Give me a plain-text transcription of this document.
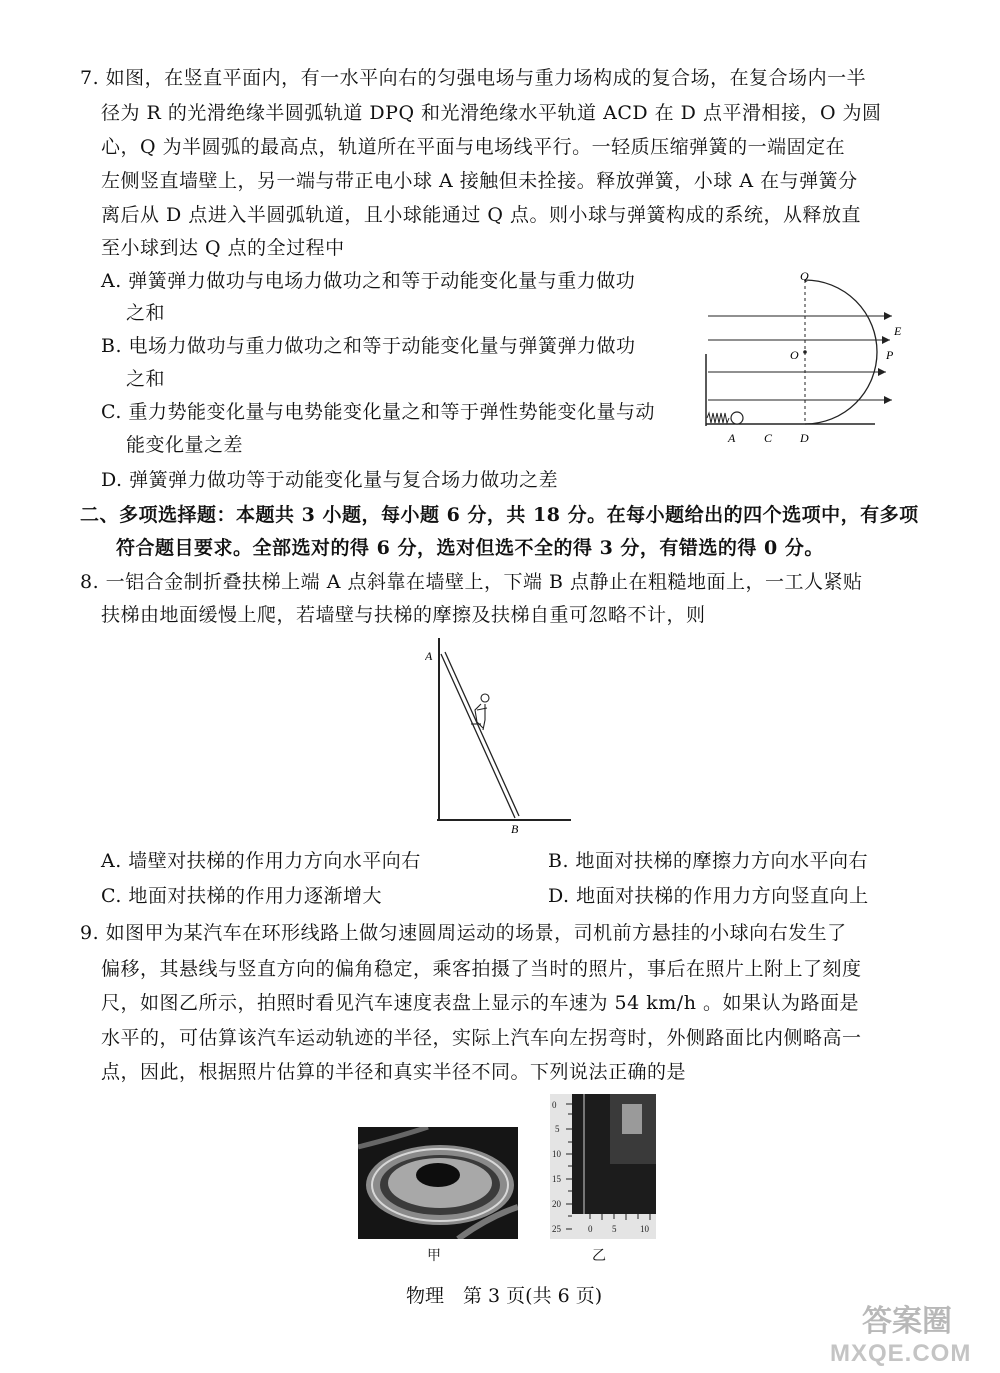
7. 如图，在竖直平面内，有一水平向右的匀强电场与重力场构成的复合场，在复合场内一半
径为 R 的光滑绝缘半圆弧轨道 DPQ 和光滑绝缘水平轨道 ACD 在 D 点平滑相接，O 为圆
心，Q 为半圆弧的最高点，轨道所在平面与电场线平行。一轻质压缩弹簧的一端固定在
左侧竖直墙壁上，另一端与带正电小球 A 接触但未拴接。释放弹簧，小球 A 在与弹簧分
离后从 D 点进入半圆弧轨道，且小球能通过 Q 点。则小球与弹簧构成的系统，从释放直
至小球到达 Q 点的全过程中
A. 弹簧弹力做功与电场力做功之和等于动能变化量与重力做功
之和
B. 电场力做功与重力做功之和等于动能变化量与弹簧弹力做功
之和
C. 重力势能变化量与电势能变化量之和等于弹性势能变化量与动
能变化量之差
D. 弹簧弹力做功等于动能变化量与复合场力做功之差
Q
E
O	P
A C D
二、多项选择题：本题共 3 小题，每小题 6 分，共 18 分。在每小题给出的四个选项中，有多项
符合题目要求。全部选对的得 6 分，选对但选不全的得 3 分，有错选的得 0 分。
8. 一铝合金制折叠扶梯上端 A 点斜靠在墙壁上，下端 B 点静止在粗糙地面上，一工人紧贴
扶梯由地面缓慢上爬，若墙壁与扶梯的摩擦及扶梯自重可忽略不计，则
A
B
A. 墙壁对扶梯的作用力方向水平向右	B. 地面对扶梯的摩擦力方向水平向右
C. 地面对扶梯的作用力逐渐增大	D. 地面对扶梯的作用力方向竖直向上
9. 如图甲为某汽车在环形线路上做匀速圆周运动的场景，司机前方悬挂的小球向右发生了
偏移，其悬线与竖直方向的偏角稳定，乘客拍摄了当时的照片，事后在照片上附上了刻度
尺，如图乙所示，拍照时看见汽车速度表盘上显示的车速为 54 km/h 。如果认为路面是
水平的，可估算该汽车运动轨迹的半径，实际上汽车向左拐弯时，外侧路面比内侧略高一
点，因此，根据照片估算的半径和真实半径不同。下列说法正确的是
甲
0
5
10
15
20
25	0 5	10
乙
物理　第 3 页(共 6 页)
答案圈
MXQE.COM
